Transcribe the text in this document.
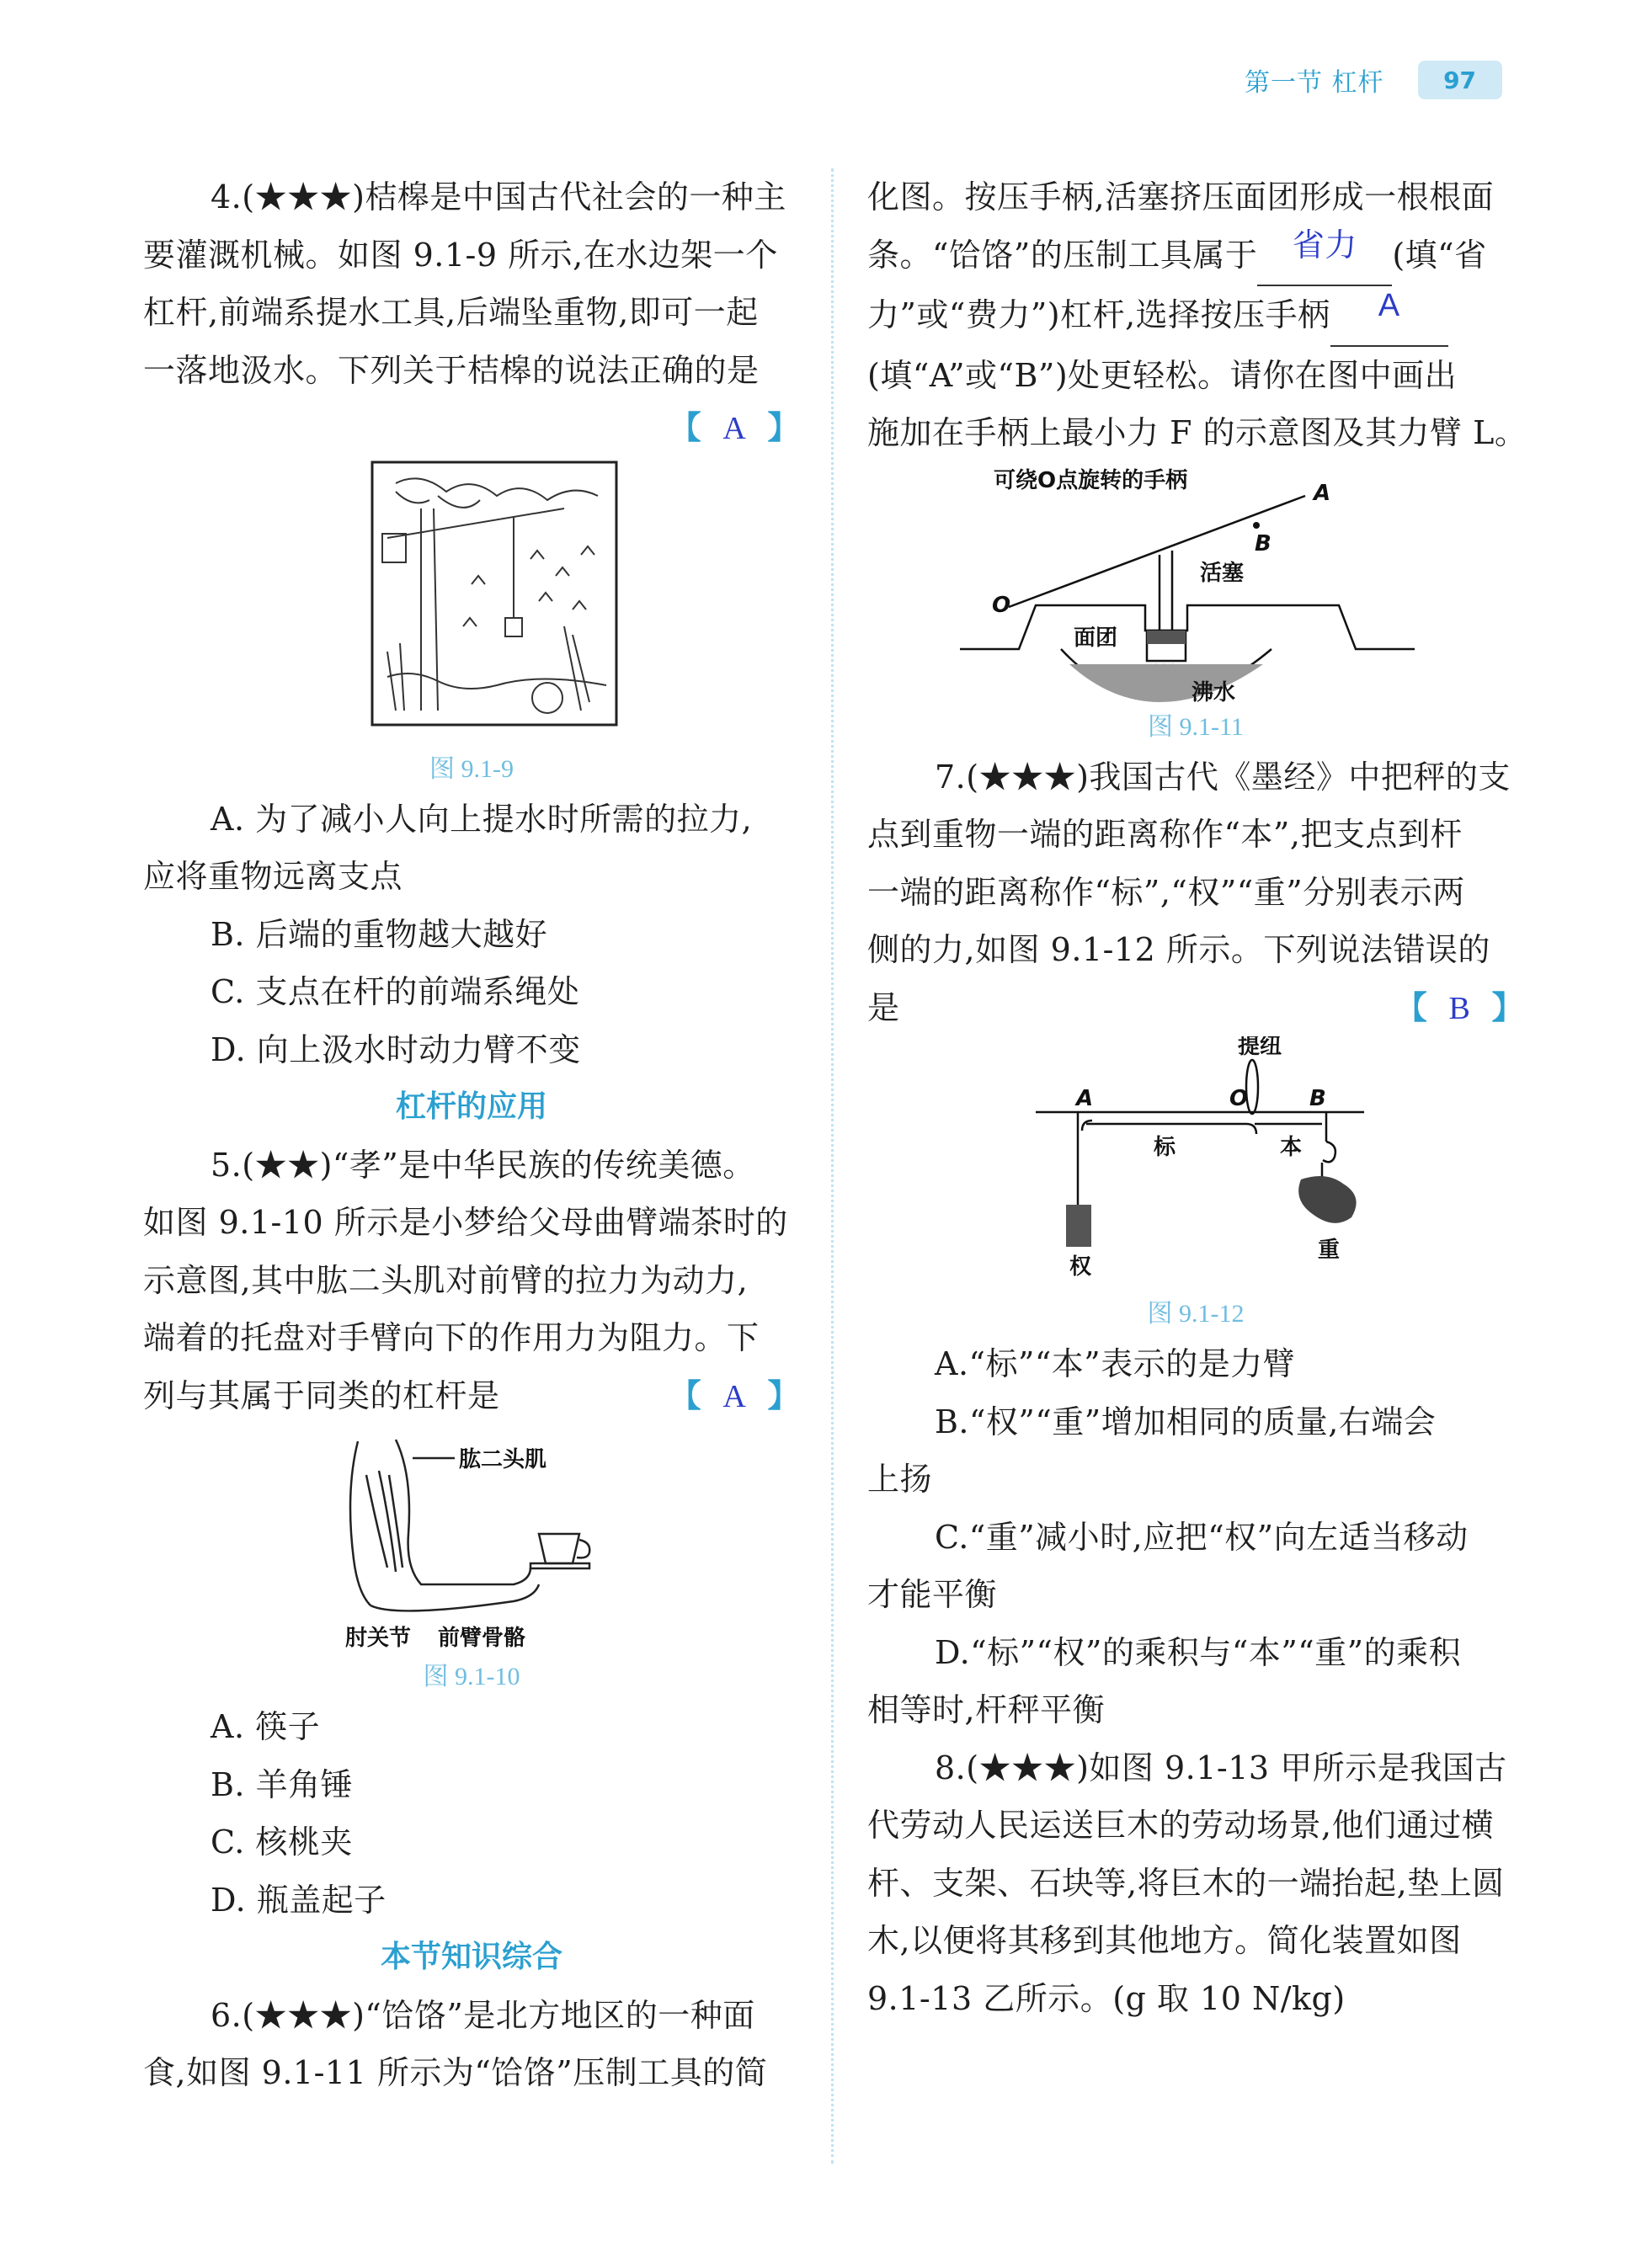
第一节 杠杆	97

4.(★★★)桔槔是中国古代社会的一种主

要灌溉机械。如图 9.1-9 所示,在水边架一个

杠杆,前端系提水工具,后端坠重物,即可一起

一落地汲水。下列关于桔槔的说法正确的是

【 A 】

图 9.1-9

A. 为了减小人向上提水时所需的拉力,

应将重物远离支点

B. 后端的重物越大越好

C. 支点在杆的前端系绳处

D. 向上汲水时动力臂不变

杠杆的应用

5.(★★)“孝”是中华民族的传统美德。

如图 9.1-10 所示是小梦给父母曲臂端茶时的

示意图,其中肱二头肌对前臂的拉力为动力,

端着的托盘对手臂向下的作用力为阻力。下

列与其属于同类的杠杆是	【 A 】

肱二头肌
肘关节 前臂骨骼

图 9.1-10

A. 筷子

B. 羊角锤

C. 核桃夹

D. 瓶盖起子

本节知识综合

6.(★★★)“饸饹”是北方地区的一种面

食,如图 9.1-11 所示为“饸饹”压制工具的简

化图。按压手柄,活塞挤压面团形成一根根面

条。“饸饹”的压制工具属于 省力 (填“省

力”或“费力”)杠杆,选择按压手柄 A

(填“A”或“B”)处更轻松。请你在图中画出

施加在手柄上最小力 F 的示意图及其力臂 L。

可绕O点旋转的手柄	A
B
O
活塞
面团
沸水

图 9.1-11

7.(★★★)我国古代《墨经》中把秤的支

点到重物一端的距离称作“本”,把支点到杆

一端的距离称作“标”,“权”“重”分别表示两

侧的力,如图 9.1-12 所示。下列说法错误的

是	【 B 】

提纽
A	O	B
标	本
权
重

图 9.1-12

A.“标”“本”表示的是力臂

B.“权”“重”增加相同的质量,右端会

上扬

C.“重”减小时,应把“权”向左适当移动

才能平衡

D.“标”“权”的乘积与“本”“重”的乘积

相等时,杆秤平衡

8.(★★★)如图 9.1-13 甲所示是我国古

代劳动人民运送巨木的劳动场景,他们通过横

杆、支架、石块等,将巨木的一端抬起,垫上圆

木,以便将其移到其他地方。简化装置如图

9.1-13 乙所示。(g 取 10 N/kg)
